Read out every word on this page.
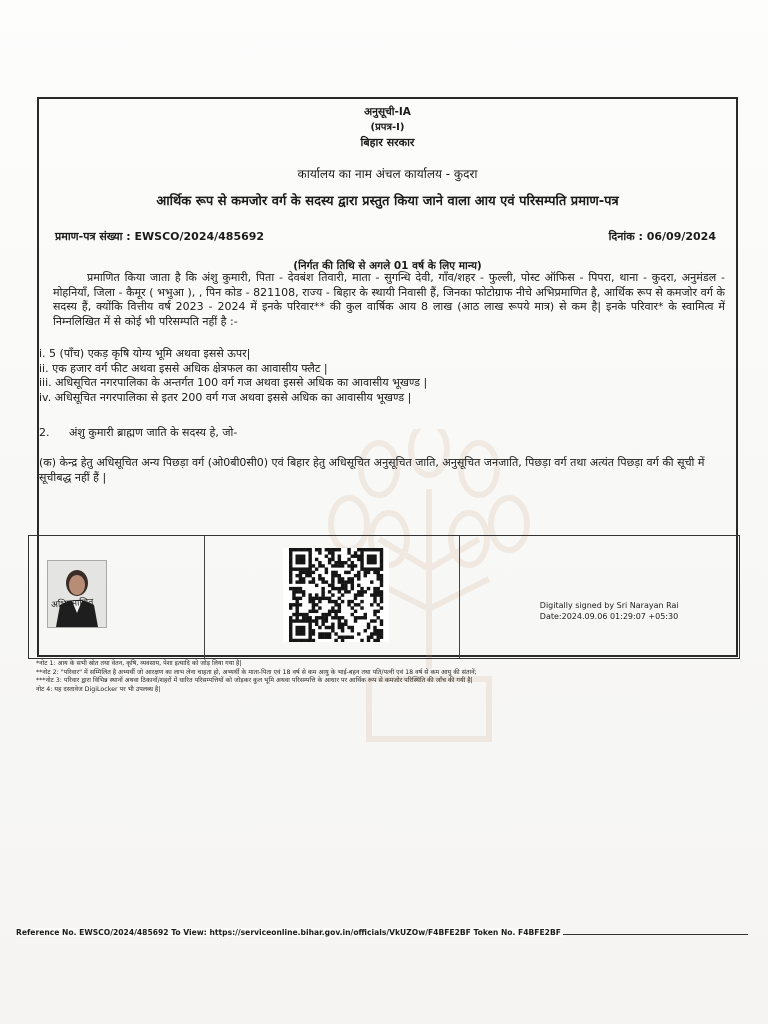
अनुसूची-IA
(प्रपत्र-I)
बिहार सरकार
कार्यालय का नाम अंचल कार्यालय - कुदरा
आर्थिक रूप से कमजोर वर्ग के सदस्य द्वारा प्रस्तुत किया जाने वाला आय एवं परिसम्पति प्रमाण-पत्र
प्रमाण-पत्र संख्या : EWSCO/2024/485692	दिनांक : 06/09/2024
(निर्गत की तिथि से अगले 01 वर्ष के लिए मान्य)
प्रमाणित किया जाता है कि अंशु कुमारी, पिता - देवबंश तिवारी, माता - सुगन्धि देवी, गाँव/शहर - फुल्ली, पोस्ट ऑफिस - पिपरा, थाना - कुदरा, अनुमंडल - मोहनियाँ, जिला - कैमूर ( भभुआ ), , पिन कोड - 821108, राज्य - बिहार के स्थायी निवासी हैं, जिनका फोटोग्राफ नीचे अभिप्रमाणित है, आर्थिक रूप से कमजोर वर्ग के सदस्य हैं, क्योंकि वित्तीय वर्ष 2023 - 2024 में इनके परिवार** की कुल वार्षिक आय 8 लाख (आठ लाख रूपये मात्र) से कम है| इनके परिवार* के स्वामित्व में निम्नलिखित में से कोई भी परिसम्पति नहीं है :-
i. 5 (पाँच) एकड़ कृषि योग्य भूमि अथवा इससे ऊपर|
ii. एक हजार वर्ग फीट अथवा इससे अधिक क्षेत्रफल का आवासीय फ्लैट |
iii. अधिसूचित नगरपालिका के अन्तर्गत 100 वर्ग गज अथवा इससे अधिक का आवासीय भूखण्ड |
iv. अधिसूचित नगरपालिका से इतर 200 वर्ग गज अथवा इससे अधिक का आवासीय भूखण्ड |
2. अंशु कुमारी ब्राह्मण जाति के सदस्य हे, जो-
(क) केन्द्र हेतु अधिसूचित अन्य पिछड़ा वर्ग (ओ0बी0सी0) एवं बिहार हेतु अधिसूचित अनुसूचित जाति, अनुसूचित जनजाति, पिछड़ा वर्ग तथा अत्यंत पिछड़ा वर्ग की सूची में सूचीबद्ध नहीं हैं |
अभिप्रमाणित	Digitally signed by Sri Narayan Rai
Date:2024.09.06 01:29:07 +05:30
*नोट 1: आय के सभी स्रोत तथा वेतन, कृषि, व्यवसाय, पेशा इत्यादि को जोड़ लिया गया है|
**नोट 2: "परिवार" में सम्मिलित है अभ्यर्थी जो आरक्षण का लाभ लेना चाहता हो, अभ्यर्थी के माता-पिता एवं 18 वर्ष से कम आयु के भाई-बहन तथा पति/पत्नी एवं 18 वर्ष से कम आयु की संतानें;
***नोट 3: परिवार द्वारा विभिन्न स्थानों अथवा ठिकानों/शहरों में धारित परिसम्पत्तियों को जोड़कर कुल भूमि अथवा परिसम्पत्ति के आधार पर आर्थिक रूप से कमजोर परिस्थिति की जाँच की गयी है|
नोट 4: यह दस्तावेज DigiLocker पर भी उपलब्ध है|
Reference No. EWSCO/2024/485692 To View: https://serviceonline.bihar.gov.in/officials/VkUZOw/F4BFE2BF Token No. F4BFE2BF
